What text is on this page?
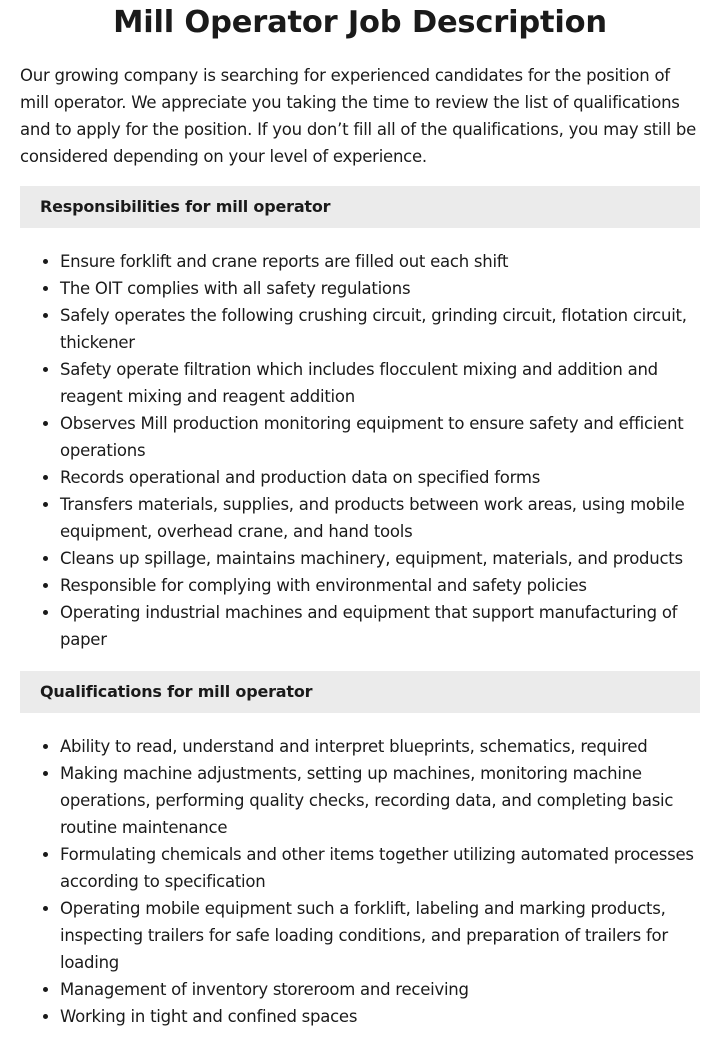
Mill Operator Job Description

Our growing company is searching for experienced candidates for the position of mill operator. We appreciate you taking the time to review the list of qualifications and to apply for the position. If you don’t fill all of the qualifications, you may still be considered depending on your level of experience.

Responsibilities for mill operator
• Ensure forklift and crane reports are filled out each shift
• The OIT complies with all safety regulations
• Safely operates the following crushing circuit, grinding circuit, flotation circuit, thickener
• Safety operate filtration which includes flocculent mixing and addition and reagent mixing and reagent addition
• Observes Mill production monitoring equipment to ensure safety and efficient operations
• Records operational and production data on specified forms
• Transfers materials, supplies, and products between work areas, using mobile equipment, overhead crane, and hand tools
• Cleans up spillage, maintains machinery, equipment, materials, and products
• Responsible for complying with environmental and safety policies
• Operating industrial machines and equipment that support manufacturing of paper
Qualifications for mill operator
• Ability to read, understand and interpret blueprints, schematics, required
• Making machine adjustments, setting up machines, monitoring machine operations, performing quality checks, recording data, and completing basic routine maintenance
• Formulating chemicals and other items together utilizing automated processes according to specification
• Operating mobile equipment such a forklift, labeling and marking products, inspecting trailers for safe loading conditions, and preparation of trailers for loading
• Management of inventory storeroom and receiving
• Working in tight and confined spaces
